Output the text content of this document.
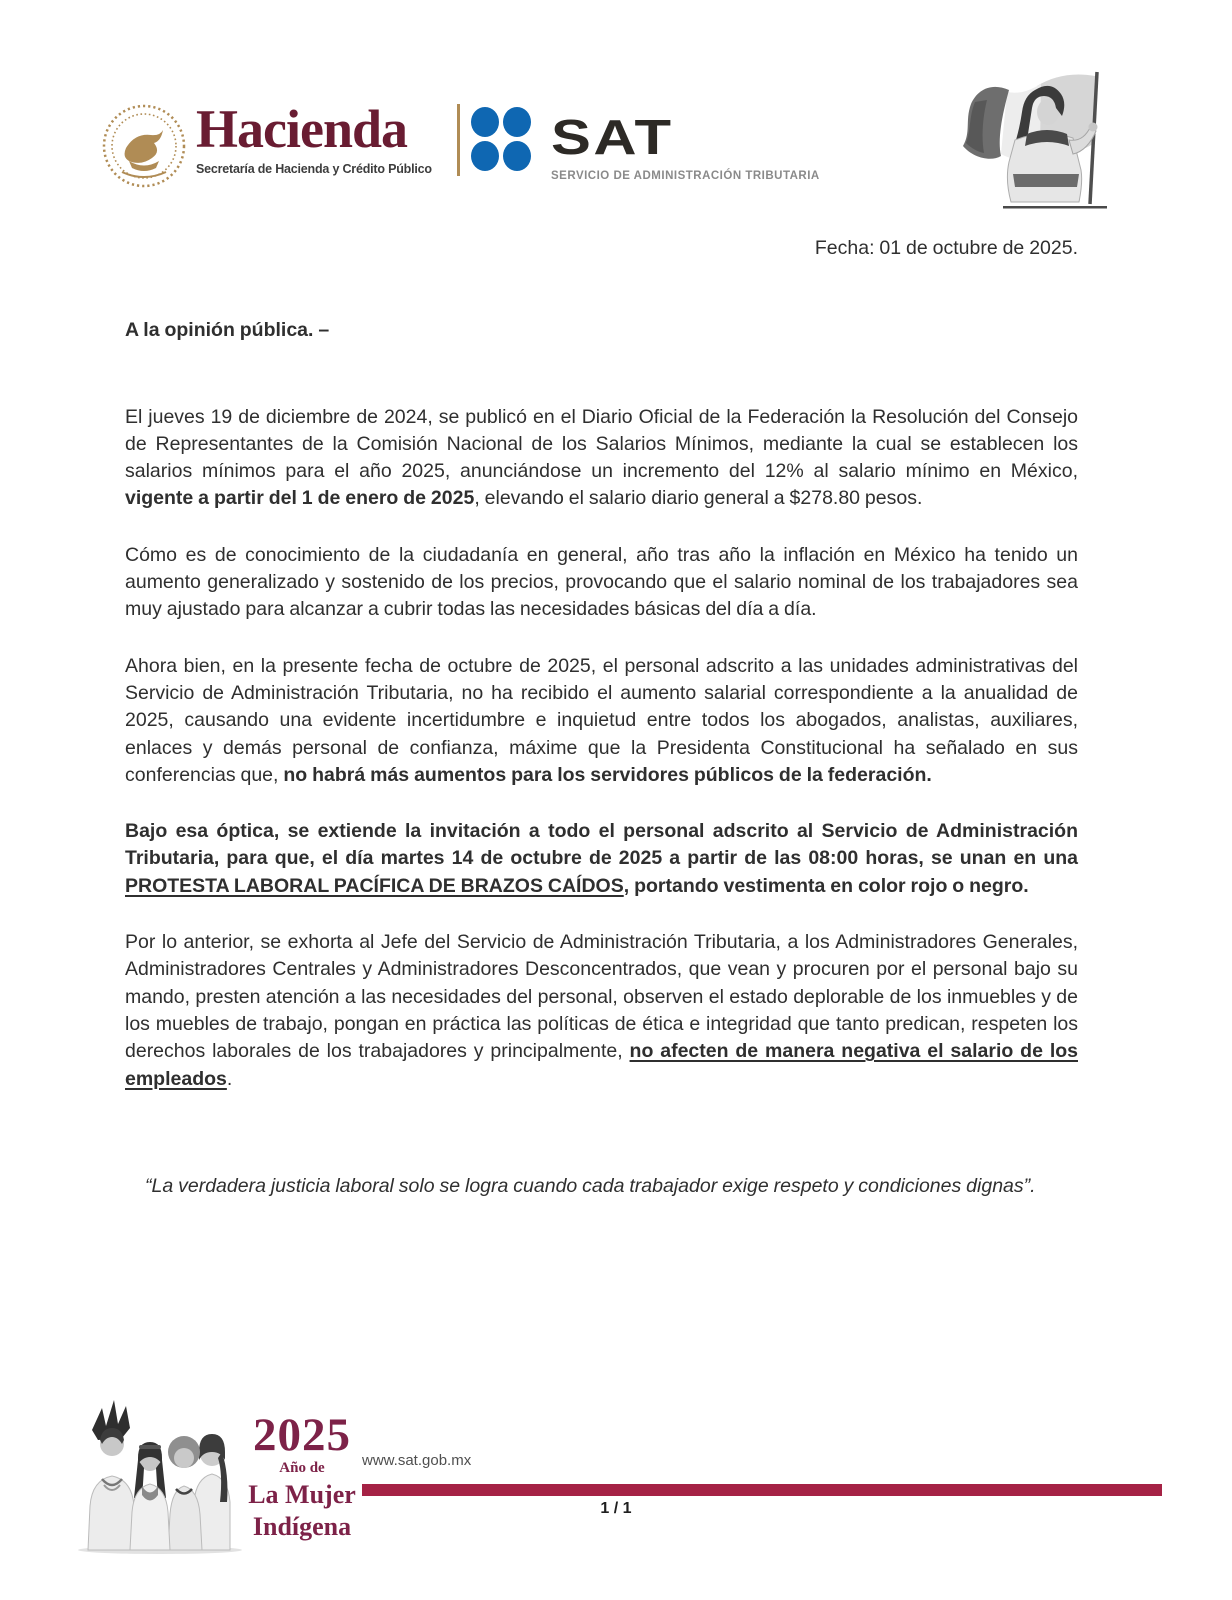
Hacienda
Secretaría de Hacienda y Crédito Público
SAT
SERVICIO DE ADMINISTRACIÓN TRIBUTARIA
Fecha: 01 de octubre de 2025.
A la opinión pública. –

El jueves 19 de diciembre de 2024, se publicó en el Diario Oficial de la Federación la Resolución del Consejo de Representantes de la Comisión Nacional de los Salarios Mínimos, mediante la cual se establecen los salarios mínimos para el año 2025, anunciándose un incremento del 12% al salario mínimo en México, vigente a partir del 1 de enero de 2025, elevando el salario diario general a $278.80 pesos.

Cómo es de conocimiento de la ciudadanía en general, año tras año la inflación en México ha tenido un aumento generalizado y sostenido de los precios, provocando que el salario nominal de los trabajadores sea muy ajustado para alcanzar a cubrir todas las necesidades básicas del día a día.

Ahora bien, en la presente fecha de octubre de 2025, el personal adscrito a las unidades administrativas del Servicio de Administración Tributaria, no ha recibido el aumento salarial correspondiente a la anualidad de 2025, causando una evidente incertidumbre e inquietud entre todos los abogados, analistas, auxiliares, enlaces y demás personal de confianza, máxime que la Presidenta Constitucional ha señalado en sus conferencias que, no habrá más aumentos para los servidores públicos de la federación.

Bajo esa óptica, se extiende la invitación a todo el personal adscrito al Servicio de Administración Tributaria, para que, el día martes 14 de octubre de 2025 a partir de las 08:00 horas, se unan en una PROTESTA LABORAL PACÍFICA DE BRAZOS CAÍDOS, portando vestimenta en color rojo o negro.

Por lo anterior, se exhorta al Jefe del Servicio de Administración Tributaria, a los Administradores Generales, Administradores Centrales y Administradores Desconcentrados, que vean y procuren por el personal bajo su mando, presten atención a las necesidades del personal, observen el estado deplorable de los inmuebles y de los muebles de trabajo, pongan en práctica las políticas de ética e integridad que tanto predican, respeten los derechos laborales de los trabajadores y principalmente, no afecten de manera negativa el salario de los empleados.

“La verdadera justicia laboral solo se logra cuando cada trabajador exige respeto y condiciones dignas”.
2025
Año de
La Mujer
Indígena
www.sat.gob.mx
1 / 1
